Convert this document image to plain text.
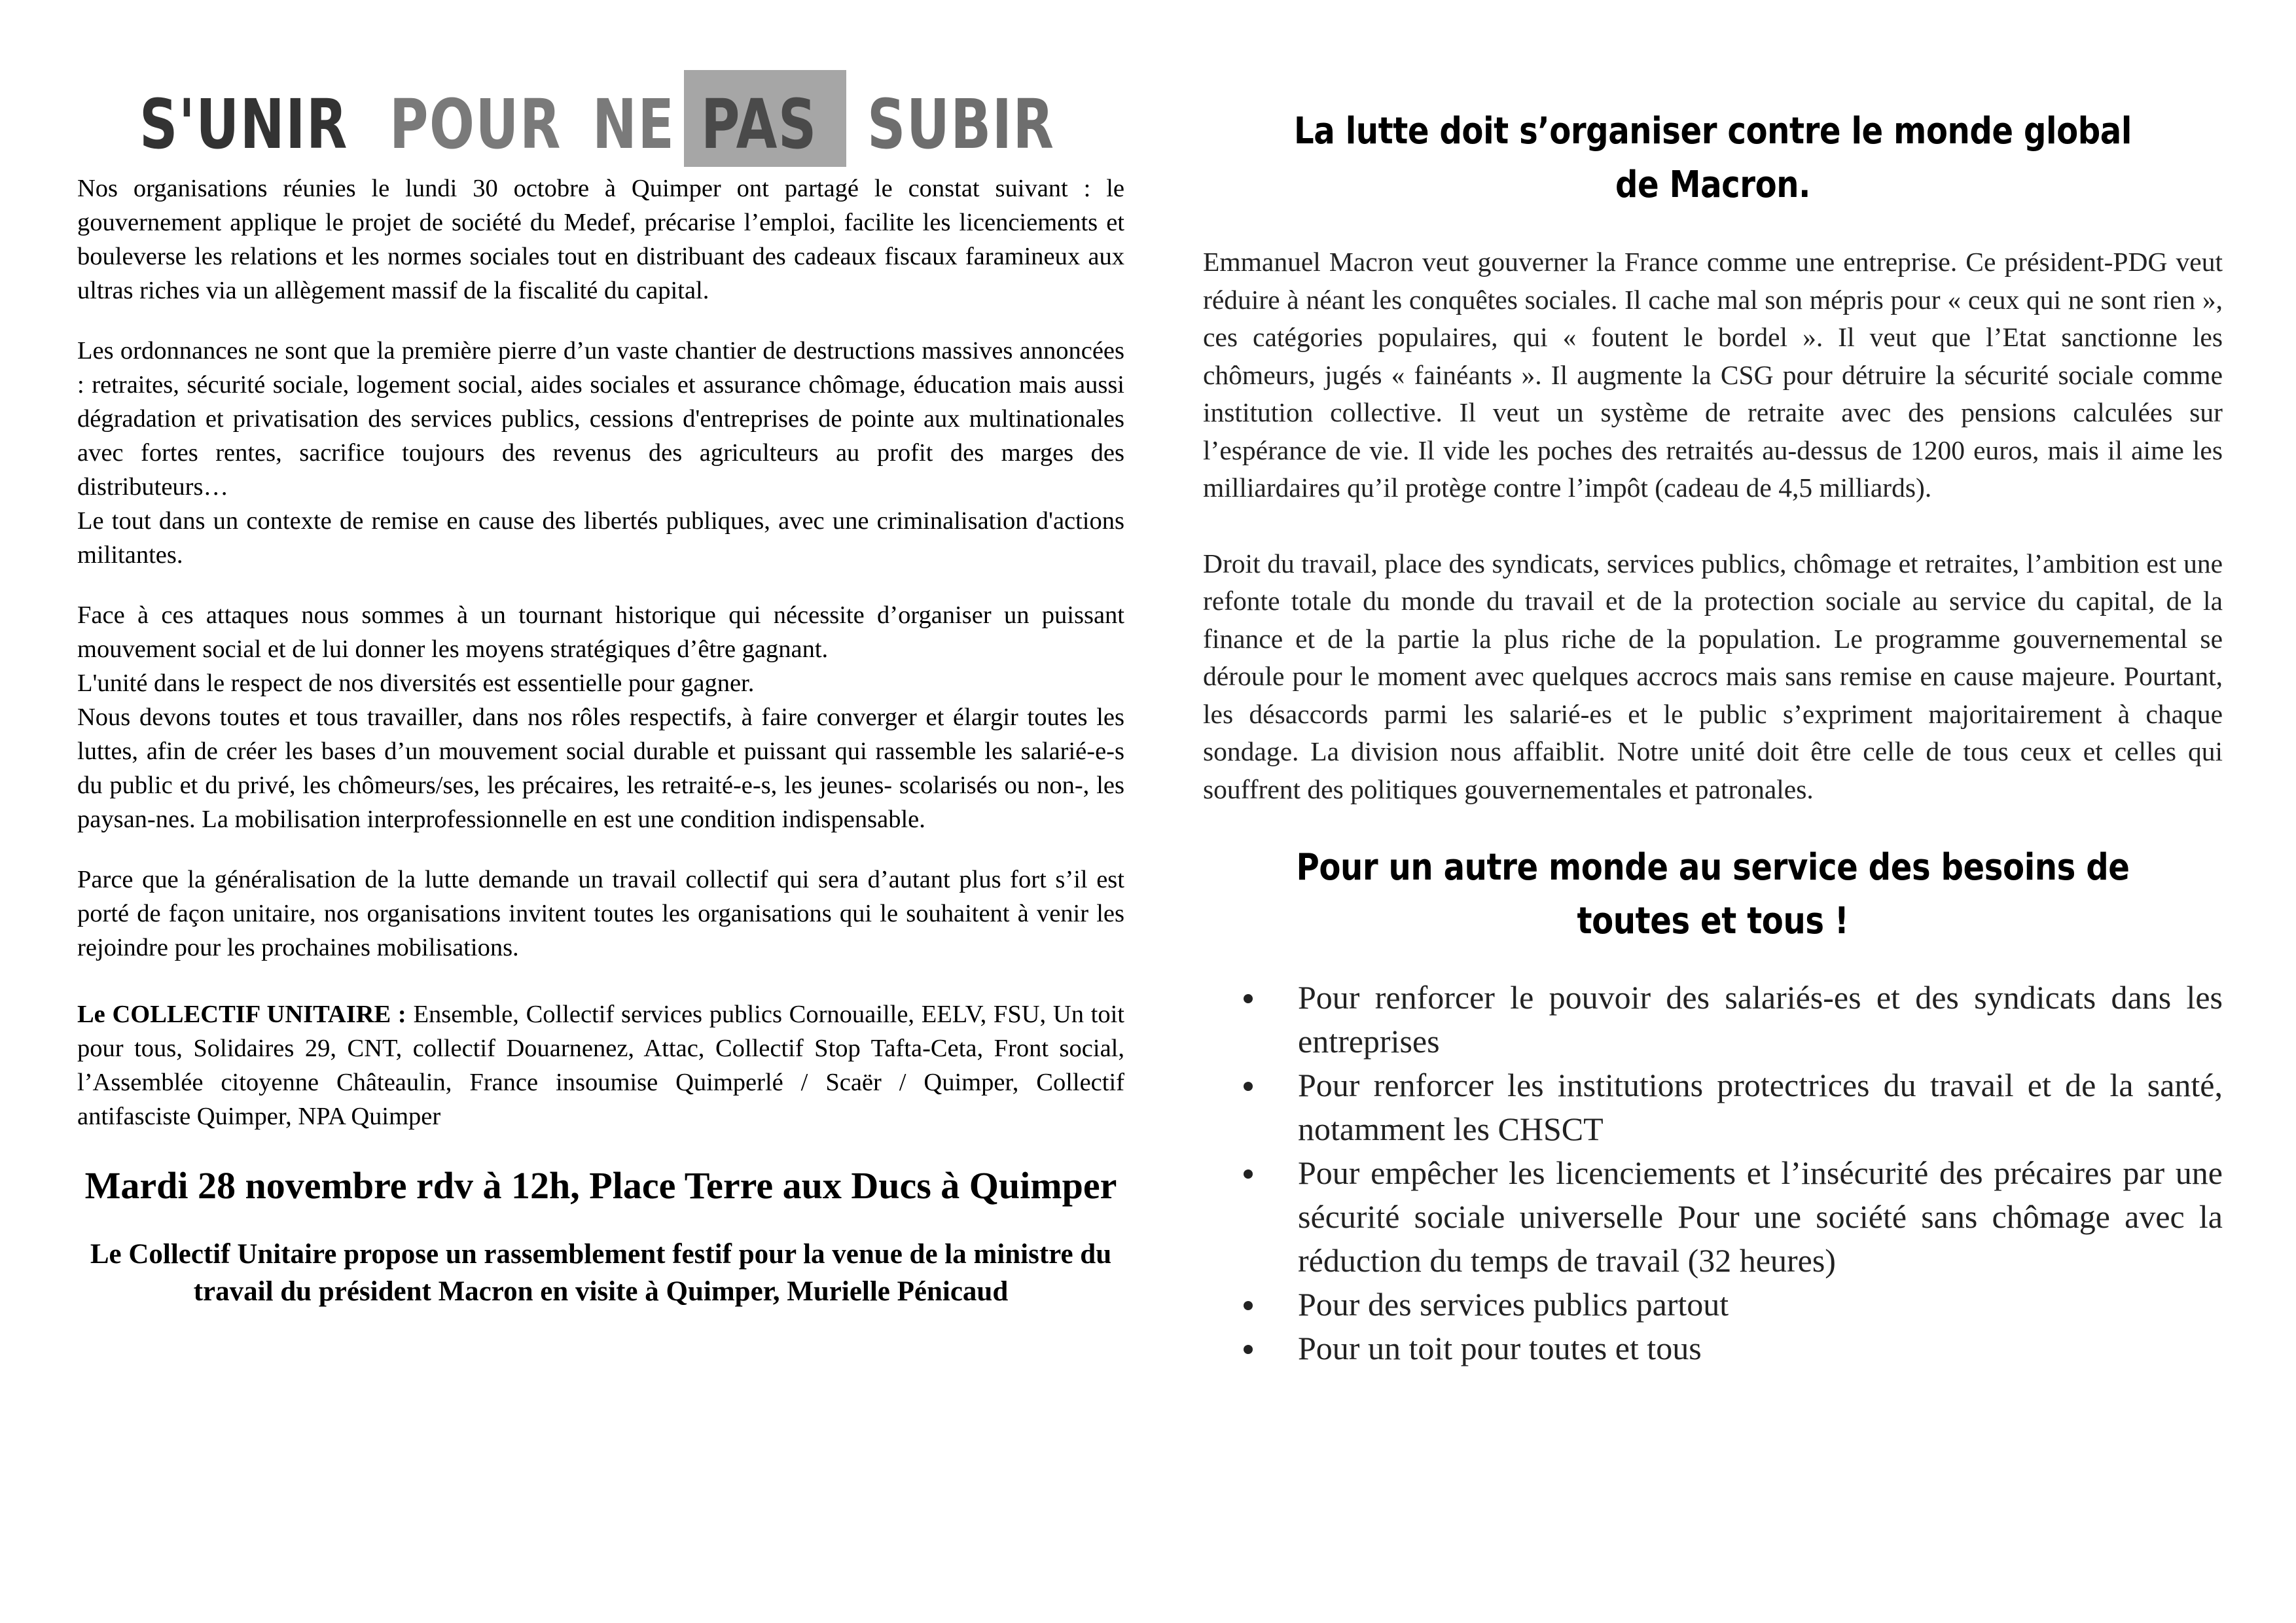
S'UNIR POUR NE PAS SUBIR

Nos organisations réunies le lundi 30 octobre à Quimper ont partagé le constat suivant : le gouvernement applique le projet de société du Medef, précarise l’emploi, facilite les licenciements et bouleverse les relations et les normes sociales tout en distribuant des cadeaux fiscaux faramineux aux ultras riches via un allègement massif de la fiscalité du capital.

Les ordonnances ne sont que la première pierre d’un vaste chantier de destructions massives annoncées : retraites, sécurité sociale, logement social, aides sociales et assurance chômage, éducation mais aussi dégradation et privatisation des services publics, cessions d'entreprises de pointe aux multinationales avec fortes rentes, sacrifice toujours des revenus des agriculteurs au profit des marges des distributeurs…

Le tout dans un contexte de remise en cause des libertés publiques, avec une criminalisation d'actions militantes.

Face à ces attaques nous sommes à un tournant historique qui nécessite d’organiser un puissant mouvement social et de lui donner les moyens stratégiques d’être gagnant.

L'unité dans le respect de nos diversités est essentielle pour gagner.

Nous devons toutes et tous travailler, dans nos rôles respectifs, à faire converger et élargir toutes les luttes, afin de créer les bases d’un mouvement social durable et puissant qui rassemble les salarié-e-s du public et du privé, les chômeurs/ses, les précaires, les retraité-e-s, les jeunes- scolarisés ou non-, les paysan-nes. La mobilisation interprofessionnelle en est une condition indispensable.

Parce que la généralisation de la lutte demande un travail collectif qui sera d’autant plus fort s’il est porté de façon unitaire, nos organisations invitent toutes les organisations qui le souhaitent à venir les rejoindre pour les prochaines mobilisations.

Le COLLECTIF UNITAIRE : Ensemble, Collectif services publics Cornouaille, EELV, FSU, Un toit pour tous, Solidaires 29, CNT, collectif Douarnenez, Attac, Collectif Stop Tafta-Ceta, Front social, l’Assemblée citoyenne Châteaulin, France insoumise Quimperlé / Scaër / Quimper, Collectif antifasciste Quimper, NPA Quimper

Mardi 28 novembre rdv à 12h, Place Terre aux Ducs à Quimper

Le Collectif Unitaire propose un rassemblement festif pour la venue de la ministre du travail du président Macron en visite à Quimper, Murielle Pénicaud

La lutte doit s’organiser contre le monde global de Macron.

Emmanuel Macron veut gouverner la France comme une entreprise. Ce président-PDG veut réduire à néant les conquêtes sociales. Il cache mal son mépris pour « ceux qui ne sont rien », ces catégories populaires, qui « foutent le bordel ». Il veut que l’Etat sanctionne les chômeurs, jugés « fainéants ». Il augmente la CSG pour détruire la sécurité sociale comme institution collective. Il veut un système de retraite avec des pensions calculées sur l’espérance de vie. Il vide les poches des retraités au-dessus de 1200 euros, mais il aime les milliardaires qu’il protège contre l’impôt (cadeau de 4,5 milliards).

Droit du travail, place des syndicats, services publics, chômage et retraites, l’ambition est une refonte totale du monde du travail et de la protection sociale au service du capital, de la finance et de la partie la plus riche de la population. Le programme gouvernemental se déroule pour le moment avec quelques accrocs mais sans remise en cause majeure. Pourtant, les désaccords parmi les salarié-es et le public s’expriment majoritairement à chaque sondage. La division nous affaiblit. Notre unité doit être celle de tous ceux et celles qui souffrent des politiques gouvernementales et patronales.

Pour un autre monde au service des besoins de toutes et tous !

Pour renforcer le pouvoir des salariés-es et des syndicats dans les entreprises
Pour renforcer les institutions protectrices du travail et de la santé, notamment les CHSCT
Pour empêcher les licenciements et l’insécurité des précaires par une sécurité sociale universelle Pour une société sans chômage avec la réduction du temps de travail (32 heures)
Pour des services publics partout
Pour un toit pour toutes et tous
